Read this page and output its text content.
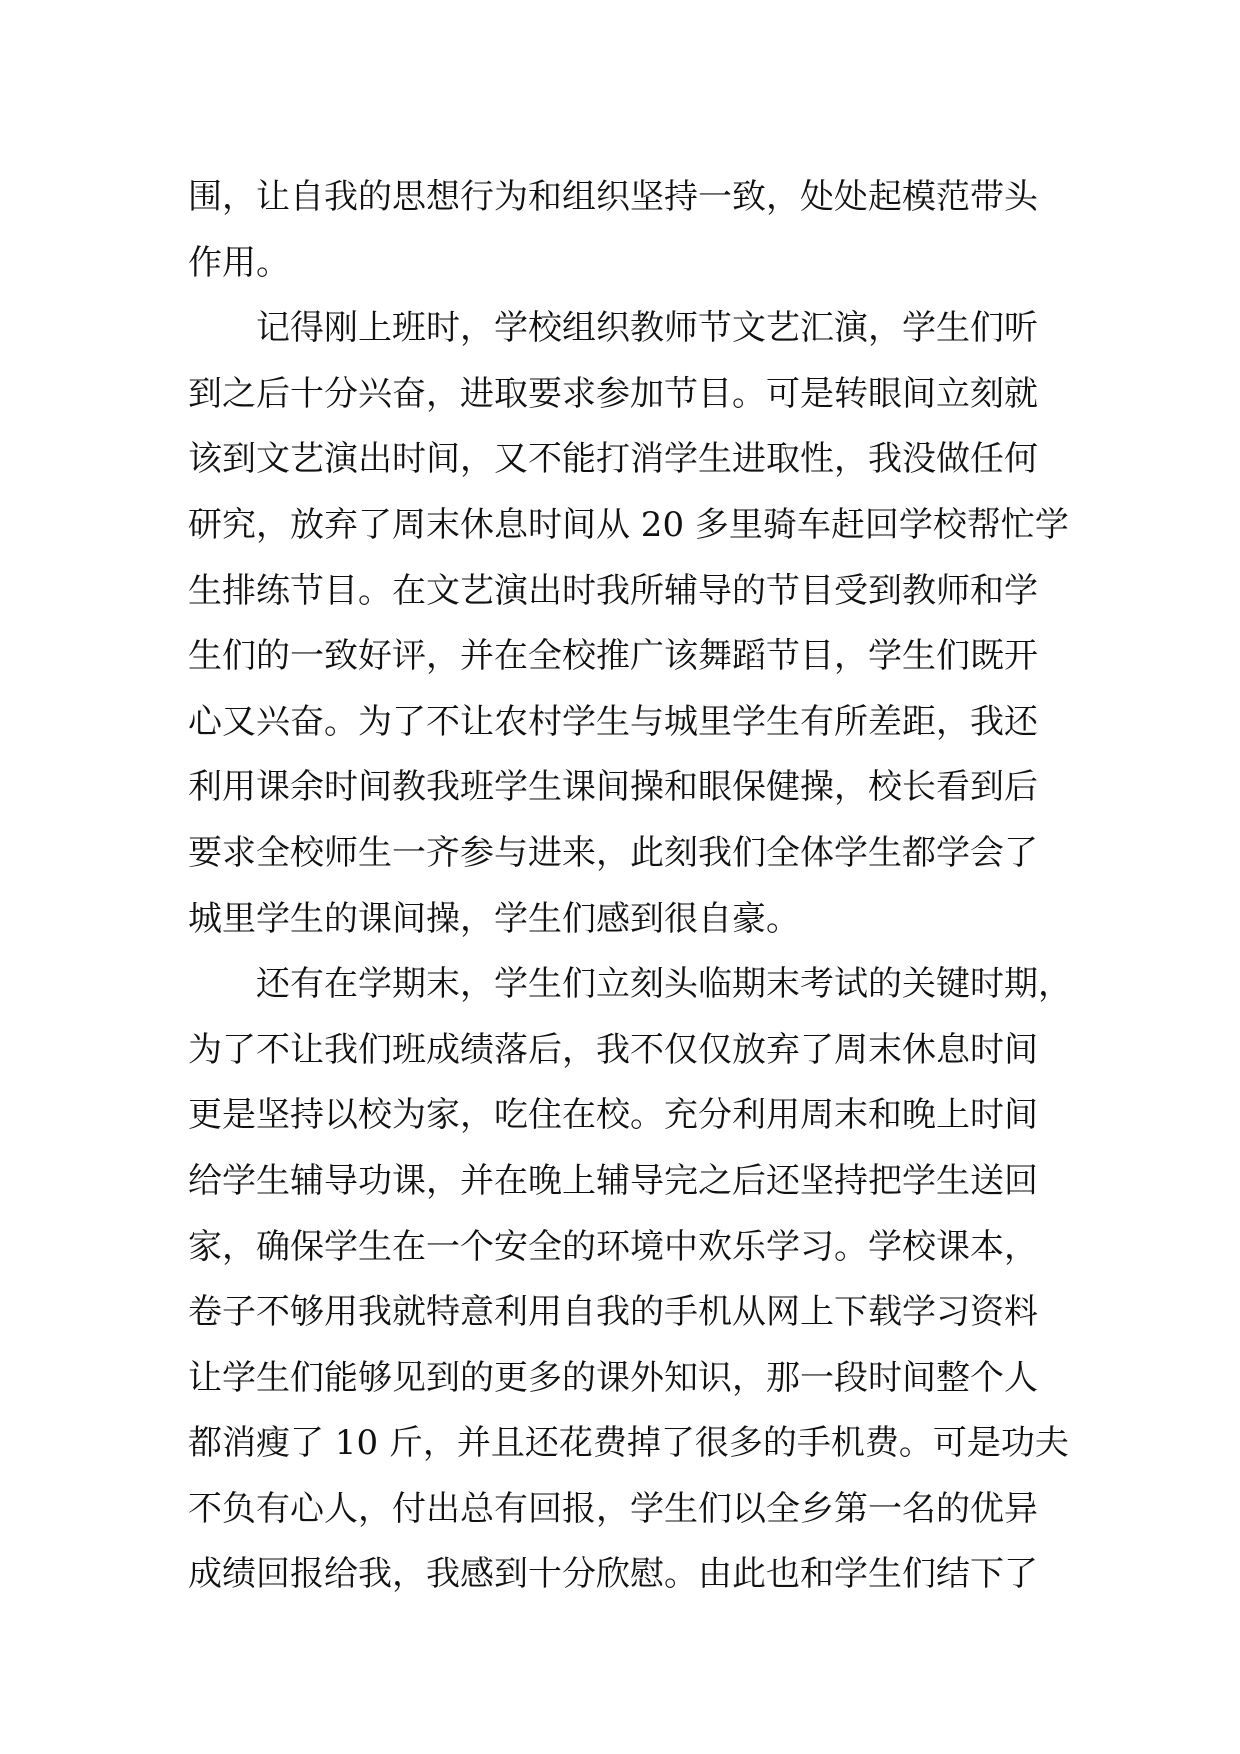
围，让自我的思想行为和组织坚持一致，处处起模范带头
作用。
记得刚上班时，学校组织教师节文艺汇演，学生们听
到之后十分兴奋，进取要求参加节目。可是转眼间立刻就
该到文艺演出时间，又不能打消学生进取性，我没做任何
研究，放弃了周末休息时间从 20 多里骑车赶回学校帮忙学
生排练节目。在文艺演出时我所辅导的节目受到教师和学
生们的一致好评，并在全校推广该舞蹈节目，学生们既开
心又兴奋。为了不让农村学生与城里学生有所差距，我还
利用课余时间教我班学生课间操和眼保健操，校长看到后
要求全校师生一齐参与进来，此刻我们全体学生都学会了
城里学生的课间操，学生们感到很自豪。
还有在学期末，学生们立刻头临期末考试的关键时期，
为了不让我们班成绩落后，我不仅仅放弃了周末休息时间
更是坚持以校为家，吃住在校。充分利用周末和晚上时间
给学生辅导功课，并在晚上辅导完之后还坚持把学生送回
家，确保学生在一个安全的环境中欢乐学习。学校课本，
卷子不够用我就特意利用自我的手机从网上下载学习资料
让学生们能够见到的更多的课外知识，那一段时间整个人
都消瘦了 10 斤，并且还花费掉了很多的手机费。可是功夫
不负有心人，付出总有回报，学生们以全乡第一名的优异
成绩回报给我，我感到十分欣慰。由此也和学生们结下了
